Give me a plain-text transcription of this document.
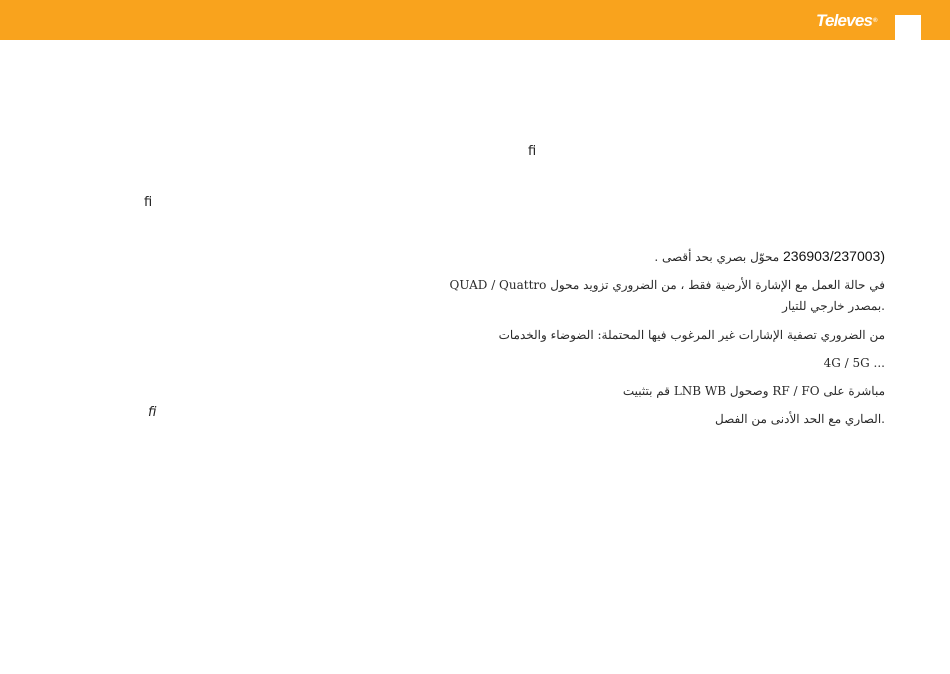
Televes®
ﬁ
ﬁ
ﬁ
(236903/237003 محوّل بصري بحد أقصى .
QUAD / Quattro في حالة العمل مع الإشارة الأرضية فقط ، من الضروري تزويد محول
.بمصدر خارجي للتيار
من الضروري تصفية الإشارات غير المرغوب فيها المحتملة: الضوضاء والخدمات
4G / 5G ...
مباشرة على RF / FO وصحول LNB WB قم بتثبيت
.الصاري مع الحد الأدنى من الفصل
